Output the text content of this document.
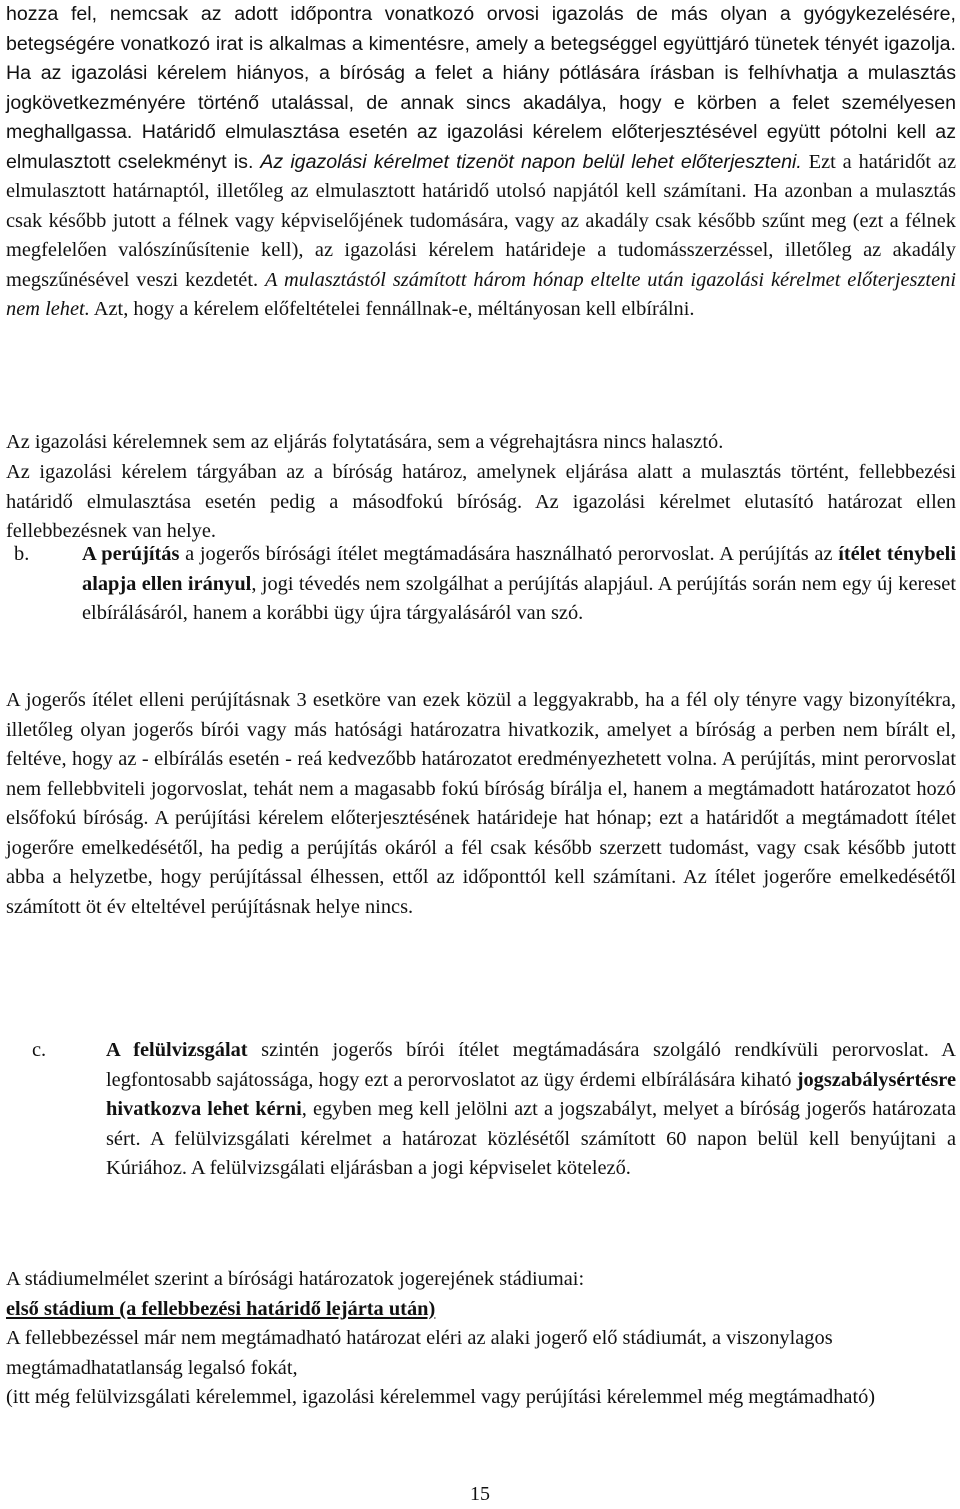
hozza fel, nemcsak az adott időpontra vonatkozó orvosi igazolás de más olyan a gyógykezelésére, betegségére vonatkozó irat is alkalmas a kimentésre, amely a betegséggel együttjáró tünetek tényét igazolja. Ha az igazolási kérelem hiányos, a bíróság a felet a hiány pótlására írásban is felhívhatja a mulasztás jogkövetkezményére történő utalással, de annak sincs akadálya, hogy e körben a felet személyesen meghallgassa. Határidő elmulasztása esetén az igazolási kérelem előterjesztésével együtt pótolni kell az elmulasztott cselekményt is. Az igazolási kérelmet tizenöt napon belül lehet előterjeszteni. Ezt a határidőt az elmulasztott határnaptól, illetőleg az elmulasztott határidő utolsó napjától kell számítani. Ha azonban a mulasztás csak később jutott a félnek vagy képviselőjének tudomására, vagy az akadály csak később szűnt meg (ezt a félnek megfelelően valószínűsítenie kell), az igazolási kérelem határideje a tudomásszerzéssel, illetőleg az akadály megszűnésével veszi kezdetét. A mulasztástól számított három hónap eltelte után igazolási kérelmet előterjeszteni nem lehet. Azt, hogy a kérelem előfeltételei fennállnak-e, méltányosan kell elbírálni.

Az igazolási kérelemnek sem az eljárás folytatására, sem a végrehajtásra nincs halasztó.

Az igazolási kérelem tárgyában az a bíróság határoz, amelynek eljárása alatt a mulasztás történt, fellebbezési határidő elmulasztása esetén pedig a másodfokú bíróság. Az igazolási kérelmet elutasító határozat ellen fellebbezésnek van helye.

b.	A perújítás a jogerős bírósági ítélet megtámadására használható perorvoslat. A perújítás az ítélet ténybeli alapja ellen irányul, jogi tévedés nem szolgálhat a perújítás alapjául. A perújítás során nem egy új kereset elbírálásáról, hanem a korábbi ügy újra tárgyalásáról van szó.

A jogerős ítélet elleni perújításnak 3 esetköre van ezek közül a leggyakrabb, ha a fél oly tényre vagy bizonyítékra, illetőleg olyan jogerős bírói vagy más hatósági határozatra hivatkozik, amelyet a bíróság a perben nem bírált el, feltéve, hogy az - elbírálás esetén - reá kedvezőbb határozatot eredményezhetett volna. A perújítás, mint perorvoslat nem fellebbviteli jogorvoslat, tehát nem a magasabb fokú bíróság bírálja el, hanem a megtámadott határozatot hozó elsőfokú bíróság. A perújítási kérelem előterjesztésének határideje hat hónap; ezt a határidőt a megtámadott ítélet jogerőre emelkedésétől, ha pedig a perújítás okáról a fél csak később szerzett tudomást, vagy csak később jutott abba a helyzetbe, hogy perújítással élhessen, ettől az időponttól kell számítani. Az ítélet jogerőre emelkedésétől számított öt év elteltével perújításnak helye nincs.

c.	A felülvizsgálat szintén jogerős bírói ítélet megtámadására szolgáló rendkívüli perorvoslat. A legfontosabb sajátossága, hogy ezt a perorvoslatot az ügy érdemi elbírálására kiható jogszabálysértésre hivatkozva lehet kérni, egyben meg kell jelölni azt a jogszabályt, melyet a bíróság jogerős határozata sért. A felülvizsgálati kérelmet a határozat közlésétől számított 60 napon belül kell benyújtani a Kúriához. A felülvizsgálati eljárásban a jogi képviselet kötelező.

A stádiumelmélet szerint a bírósági határozatok jogerejének stádiumai:

első stádium (a fellebbezési határidő lejárta után)

A fellebbezéssel már nem megtámadható határozat eléri az alaki jogerő elő stádiumát, a viszonylagos megtámadhatatlanság legalsó fokát,

(itt még felülvizsgálati kérelemmel, igazolási kérelemmel vagy perújítási kérelemmel még megtámadható)

15
